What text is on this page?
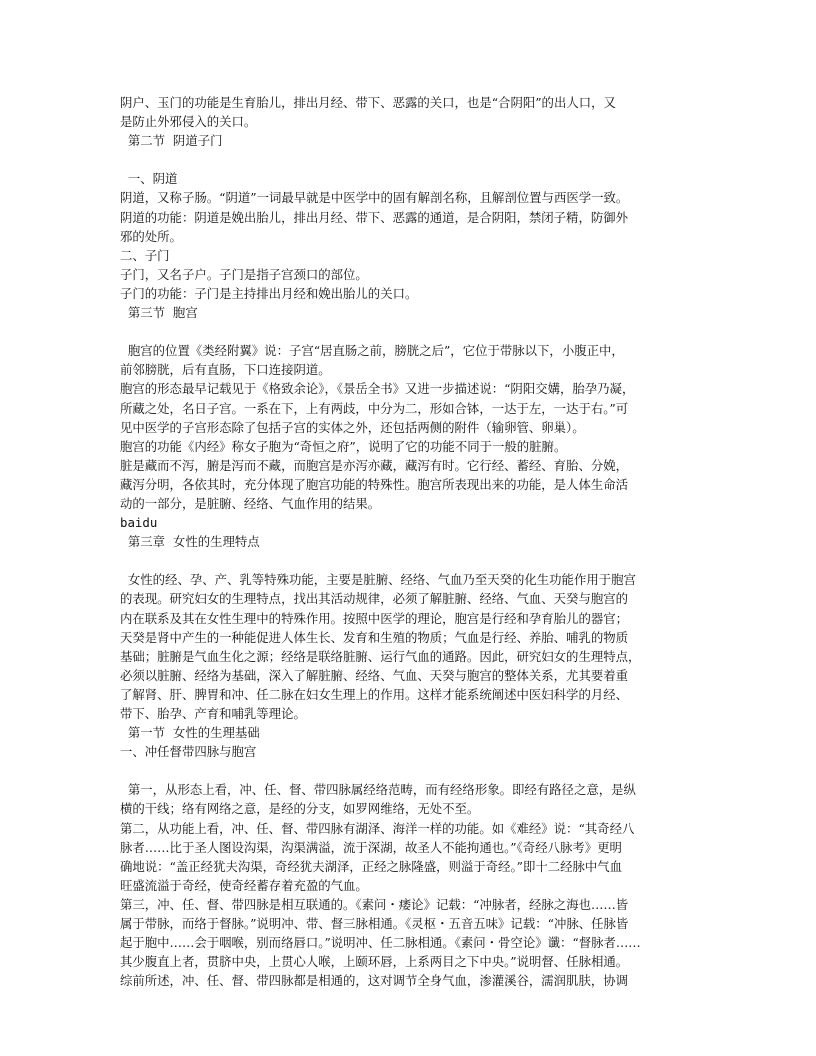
阴户、玉门的功能是生育胎儿，排出月经、带下、恶露的关口，也是“合阴阳”的出人口，又
是防止外邪侵入的关口。
第二节  阴道子门
一、阴道
阴道，又称子肠。“阴道”一词最早就是中医学中的固有解剖名称，且解剖位置与西医学一致。
阴道的功能：阴道是娩出胎儿，排出月经、带下、恶露的通道，是合阴阳，禁闭子精，防御外
邪的处所。
二、子门
子门，又名子户。子门是指子宫颈口的部位。
子门的功能：子门是主持排出月经和娩出胎儿的关口。
第三节  胞宫
胞宫的位置《类经附翼》说：子宫“居直肠之前，膀胱之后”，它位于带脉以下，小腹正中，
前邻膀胱，后有直肠，下口连接阴道。
胞宫的形态最早记载见于《格致余论》，《景岳全书》又进一步描述说：“阴阳交媾，胎孕乃凝，
所藏之处，名日子宫。一系在下，上有两歧，中分为二，形如合钵，一达于左，一达于右。”可
见中医学的子宫形态除了包括子宫的实体之外，还包括两侧的附件（输卵管、卵巢）。
胞宫的功能《内经》称女子胞为“奇恒之府”，说明了它的功能不同于一般的脏腑。
脏是藏而不泻，腑是泻而不藏，而胞宫是亦泻亦藏，藏泻有时。它行经、蓄经、育胎、分娩，
藏泻分明，各依其时，充分体现了胞宫功能的特殊性。胞宫所表现出来的功能，是人体生命活
动的一部分，是脏腑、经络、气血作用的结果。
baidu
第三章  女性的生理特点
女性的经、孕、产、乳等特殊功能，主要是脏腑、经络、气血乃至天癸的化生功能作用于胞宫
的表现。研究妇女的生理特点，找出其活动规律，必须了解脏腑、经络、气血、天癸与胞宫的
内在联系及其在女性生理中的特殊作用。按照中医学的理论，胞宫是行经和孕育胎儿的器官；
天癸是肾中产生的一种能促进人体生长、发育和生殖的物质；气血是行经、养胎、哺乳的物质
基础；脏腑是气血生化之源；经络是联络脏腑、运行气血的通路。因此，研究妇女的生理特点，
必须以脏腑、经络为基础，深入了解脏腑、经络、气血、天癸与胞宫的整体关系，尤其要着重
了解肾、肝、脾胃和冲、任二脉在妇女生理上的作用。这样才能系统阐述中医妇科学的月经、
带下、胎孕、产育和哺乳等理论。
第一节  女性的生理基础
一、冲任督带四脉与胞宫
第一，从形态上看，冲、任、督、带四脉属经络范畴，而有经络形象。即经有路径之意，是纵
横的干线；络有网络之意，是经的分支，如罗网维络，无处不至。
第二，从功能上看，冲、任、督、带四脉有湖泽、海洋一样的功能。如《难经》说：“其奇经八
脉者……比于圣人图设沟渠，沟渠满溢，流于深湖，故圣人不能拘通也。”《奇经八脉考》更明
确地说：“盖正经犹夫沟渠，奇经犹夫湖泽，正经之脉隆盛，则溢于奇经。”即十二经脉中气血
旺盛流溢于奇经，使奇经蓄存着充盈的气血。
第三，冲、任、督、带四脉是相互联通的。《素问・痿论》记载：“冲脉者，经脉之海也……皆
属于带脉，而络于督脉。”说明冲、带、督三脉相通。《灵枢・五音五味》记载：“冲脉、任脉皆
起于胞中……会于咽喉，别而络唇口。”说明冲、任二脉相通。《素问・骨空论》谶：“督脉者……
其少腹直上者，贯脐中央，上贯心人喉，上颐环唇，上系两目之下中央。”说明督、任脉相通。
综前所述，冲、任、督、带四脉都是相通的，这对调节全身气血，渗灌溪谷，濡润肌肤，协调
